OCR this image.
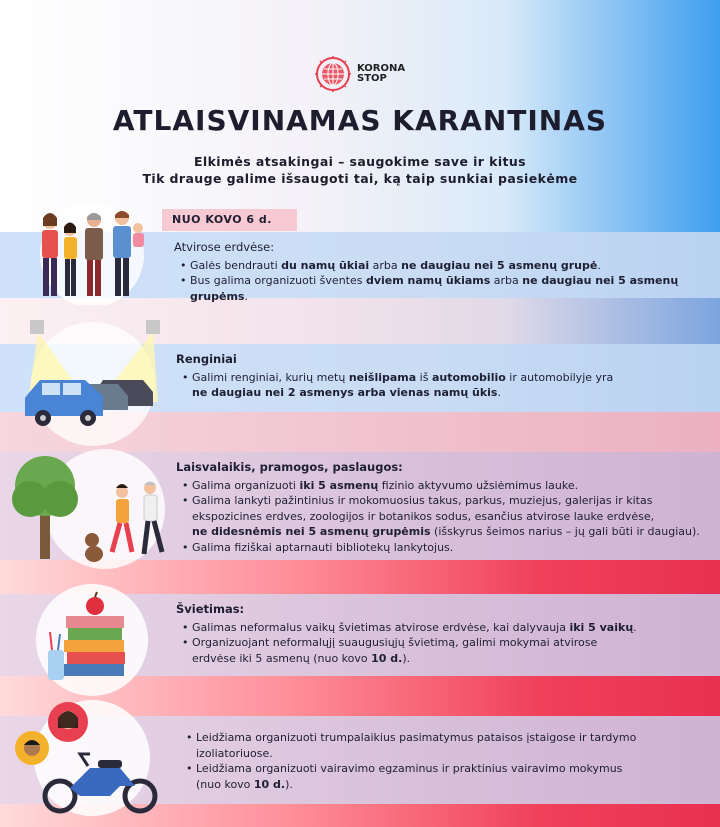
KORONA
STOP
ATLAISVINAMAS KARANTINAS
Elkimės atsakingai – saugokime save ir kitus
Tik drauge galime išsaugoti tai, ką taip sunkiai pasiekėme
NUO KOVO 6 d.
Atvirose erdvėse:
• Galės bendrauti du namų ūkiai arba ne daugiau nei 5 asmenų grupė.
• Bus galima organizuoti šventes dviem namų ūkiams arba ne daugiau nei 5 asmenų grupėms.
Renginiai
• Galimi renginiai, kurių metų neišlipama iš automobilio ir automobilyje yra
ne daugiau nei 2 asmenys arba vienas namų ūkis.
Laisvalaikis, pramogos, paslaugos:
• Galima organizuoti iki 5 asmenų fizinio aktyvumo užsiėmimus lauke.
• Galima lankyti pažintinius ir mokomuosius takus, parkus, muziejus, galerijas ir kitas
ekspozicines erdves, zoologijos ir botanikos sodus, esančius atvirose lauke erdvėse,
ne didesnėmis nei 5 asmenų grupėmis (išskyrus šeimos narius – jų gali būti ir daugiau).
• Galima fiziškai aptarnauti bibliotekų lankytojus.
Švietimas:
• Galimas neformalus vaikų švietimas atvirose erdvėse, kai dalyvauja iki 5 vaikų.
• Organizuojant neformalųjį suaugusiųjų švietimą, galimi mokymai atvirose
erdvėse iki 5 asmenų (nuo kovo 10 d.).
• Leidžiama organizuoti trumpalaikius pasimatymus pataisos įstaigose ir tardymo
izoliatoriuose.
• Leidžiama organizuoti vairavimo egzaminus ir praktinius vairavimo mokymus
(nuo kovo 10 d.).
